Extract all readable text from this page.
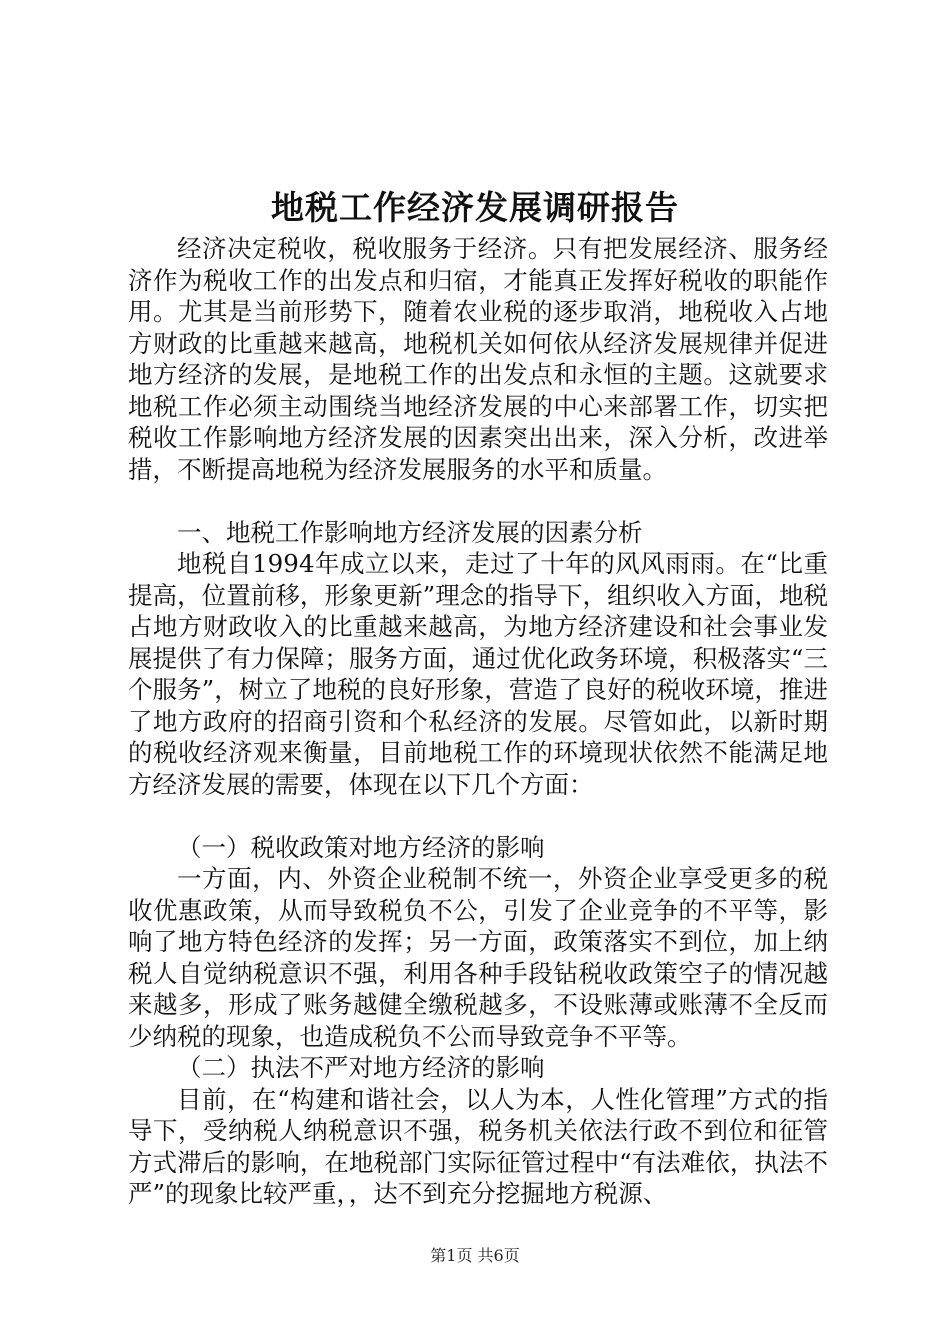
地税工作经济发展调研报告

经济决定税收，税收服务于经济。只有把发展经济、服务经济作为税收工作的出发点和归宿，才能真正发挥好税收的职能作用。尤其是当前形势下，随着农业税的逐步取消，地税收入占地方财政的比重越来越高，地税机关如何依从经济发展规律并促进地方经济的发展，是地税工作的出发点和永恒的主题。这就要求地税工作必须主动围绕当地经济发展的中心来部署工作，切实把税收工作影响地方经济发展的因素突出出来，深入分析，改进举措，不断提高地税为经济发展服务的水平和质量。

一、地税工作影响地方经济发展的因素分析

地税自1994年成立以来，走过了十年的风风雨雨。在“比重提高，位置前移，形象更新”理念的指导下，组织收入方面，地税占地方财政收入的比重越来越高，为地方经济建设和社会事业发展提供了有力保障；服务方面，通过优化政务环境，积极落实“三个服务”，树立了地税的良好形象，营造了良好的税收环境，推进了地方政府的招商引资和个私经济的发展。尽管如此，以新时期的税收经济观来衡量，目前地税工作的环境现状依然不能满足地方经济发展的需要，体现在以下几个方面：

（一）税收政策对地方经济的影响

一方面，内、外资企业税制不统一，外资企业享受更多的税收优惠政策，从而导致税负不公，引发了企业竞争的不平等，影响了地方特色经济的发挥；另一方面，政策落实不到位，加上纳税人自觉纳税意识不强，利用各种手段钻税收政策空子的情况越来越多，形成了账务越健全缴税越多，不设账薄或账薄不全反而少纳税的现象，也造成税负不公而导致竞争不平等。

（二）执法不严对地方经济的影响

目前，在“构建和谐社会，以人为本，人性化管理”方式的指导下，受纳税人纳税意识不强，税务机关依法行政不到位和征管方式滞后的影响，在地税部门实际征管过程中“有法难依，执法不严”的现象比较严重，，达不到充分挖掘地方税源、

第1页 共6页
